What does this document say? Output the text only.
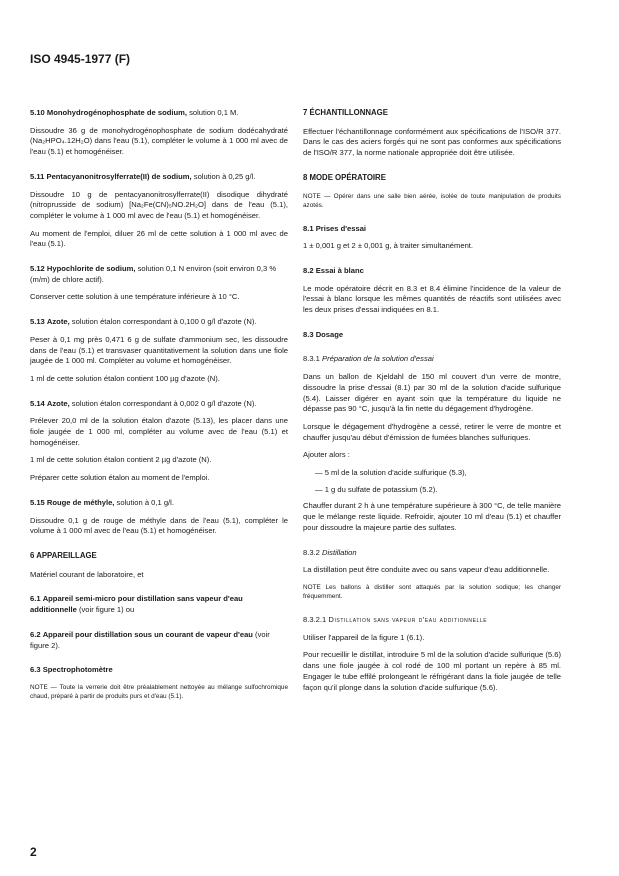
ISO 4945-1977 (F)
5.10 Monohydrogénophosphate de sodium, solution 0,1 M.

Dissoudre 36 g de monohydrogénophosphate de sodium dodécahydraté (Na₂HPO₄.12H₂O) dans l'eau (5.1), compléter le volume à 1 000 ml avec de l'eau (5.1) et homogénéiser.

5.11 Pentacyanonitrosylferrate(II) de sodium, solution à 0,25 g/l.

Dissoudre 10 g de pentacyanonitrosylferrate(II) disodique dihydraté (nitroprusside de sodium) [Na₂Fe(CN)₅NO.2H₂O] dans de l'eau (5.1), compléter le volume à 1 000 ml avec de l'eau (5.1) et homogénéiser.

Au moment de l'emploi, diluer 26 ml de cette solution à 1 000 ml avec de l'eau (5.1).

5.12 Hypochlorite de sodium, solution 0,1 N environ (soit environ 0,3 % (m/m) de chlore actif).

Conserver cette solution à une température inférieure à 10 °C.

5.13 Azote, solution étalon correspondant à 0,100 0 g/l d'azote (N).

Peser à 0,1 mg près 0,471 6 g de sulfate d'ammonium sec, les dissoudre dans de l'eau (5.1) et transvaser quantitativement la solution dans une fiole jaugée de 1 000 ml. Compléter au volume et homogénéiser.

1 ml de cette solution étalon contient 100 µg d'azote (N).

5.14 Azote, solution étalon correspondant à 0,002 0 g/l d'azote (N).

Prélever 20,0 ml de la solution étalon d'azote (5.13), les placer dans une fiole jaugée de 1 000 ml, compléter au volume avec de l'eau (5.1) et homogénéiser.

1 ml de cette solution étalon contient 2 µg d'azote (N).

Préparer cette solution étalon au moment de l'emploi.

5.15 Rouge de méthyle, solution à 0,1 g/l.

Dissoudre 0,1 g de rouge de méthyle dans de l'eau (5.1), compléter le volume à 1 000 ml avec de l'eau (5.1) et homogénéiser.

6 APPAREILLAGE

Matériel courant de laboratoire, et

6.1 Appareil semi-micro pour distillation sans vapeur d'eau additionnelle (voir figure 1) ou
6.2 Appareil pour distillation sous un courant de vapeur d'eau (voir figure 2).
6.3 Spectrophotomètre

NOTE — Toute la verrerie doit être préalablement nettoyée au mélange sulfochromique chaud, préparé à partir de produits purs et d'eau (5.1).

7 ÉCHANTILLONNAGE

Effectuer l'échantillonnage conformément aux spécifications de l'ISO/R 377. Dans le cas des aciers forgés qui ne sont pas conformes aux spécifications de l'ISO/R 377, la norme nationale appropriée doit être utilisée.

8 MODE OPÉRATOIRE

NOTE — Opérer dans une salle bien aérée, isolée de toute manipulation de produits azotés.

8.1 Prises d'essai

1 ± 0,001 g et 2 ± 0,001 g, à traiter simultanément.

8.2 Essai à blanc

Le mode opératoire décrit en 8.3 et 8.4 élimine l'incidence de la valeur de l'essai à blanc lorsque les mêmes quantités de réactifs sont utilisées avec les deux prises d'essai indiquées en 8.1.

8.3 Dosage
8.3.1 Préparation de la solution d'essai

Dans un ballon de Kjeldahl de 150 ml couvert d'un verre de montre, dissoudre la prise d'essai (8.1) par 30 ml de la solution d'acide sulfurique (5.4). Laisser digérer en ayant soin que la température du liquide ne dépasse pas 90 °C, jusqu'à la fin nette du dégagement d'hydrogène.

Lorsque le dégagement d'hydrogène a cessé, retirer le verre de montre et chauffer jusqu'au début d'émission de fumées blanches sulfuriques.

Ajouter alors :

— 5 ml de la solution d'acide sulfurique (5.3),
— 1 g du sulfate de potassium (5.2).

Chauffer durant 2 h à une température supérieure à 300 °C, de telle manière que le mélange reste liquide. Refroidir, ajouter 10 ml d'eau (5.1) et chauffer pour dissoudre la majeure partie des sulfates.

8.3.2 Distillation

La distillation peut être conduite avec ou sans vapeur d'eau additionnelle.

NOTE Les ballons à distiller sont attaqués par la solution sodique; les changer fréquemment.

8.3.2.1 Distillation sans vapeur d'eau additionnelle

Utiliser l'appareil de la figure 1 (6.1).

Pour recueillir le distillat, introduire 5 ml de la solution d'acide sulfurique (5.6) dans une fiole jaugée à col rodé de 100 ml portant un repère à 85 ml. Engager le tube effilé prolongeant le réfrigérant dans la fiole jaugée de telle façon qu'il plonge dans la solution d'acide sulfurique (5.6).

2
